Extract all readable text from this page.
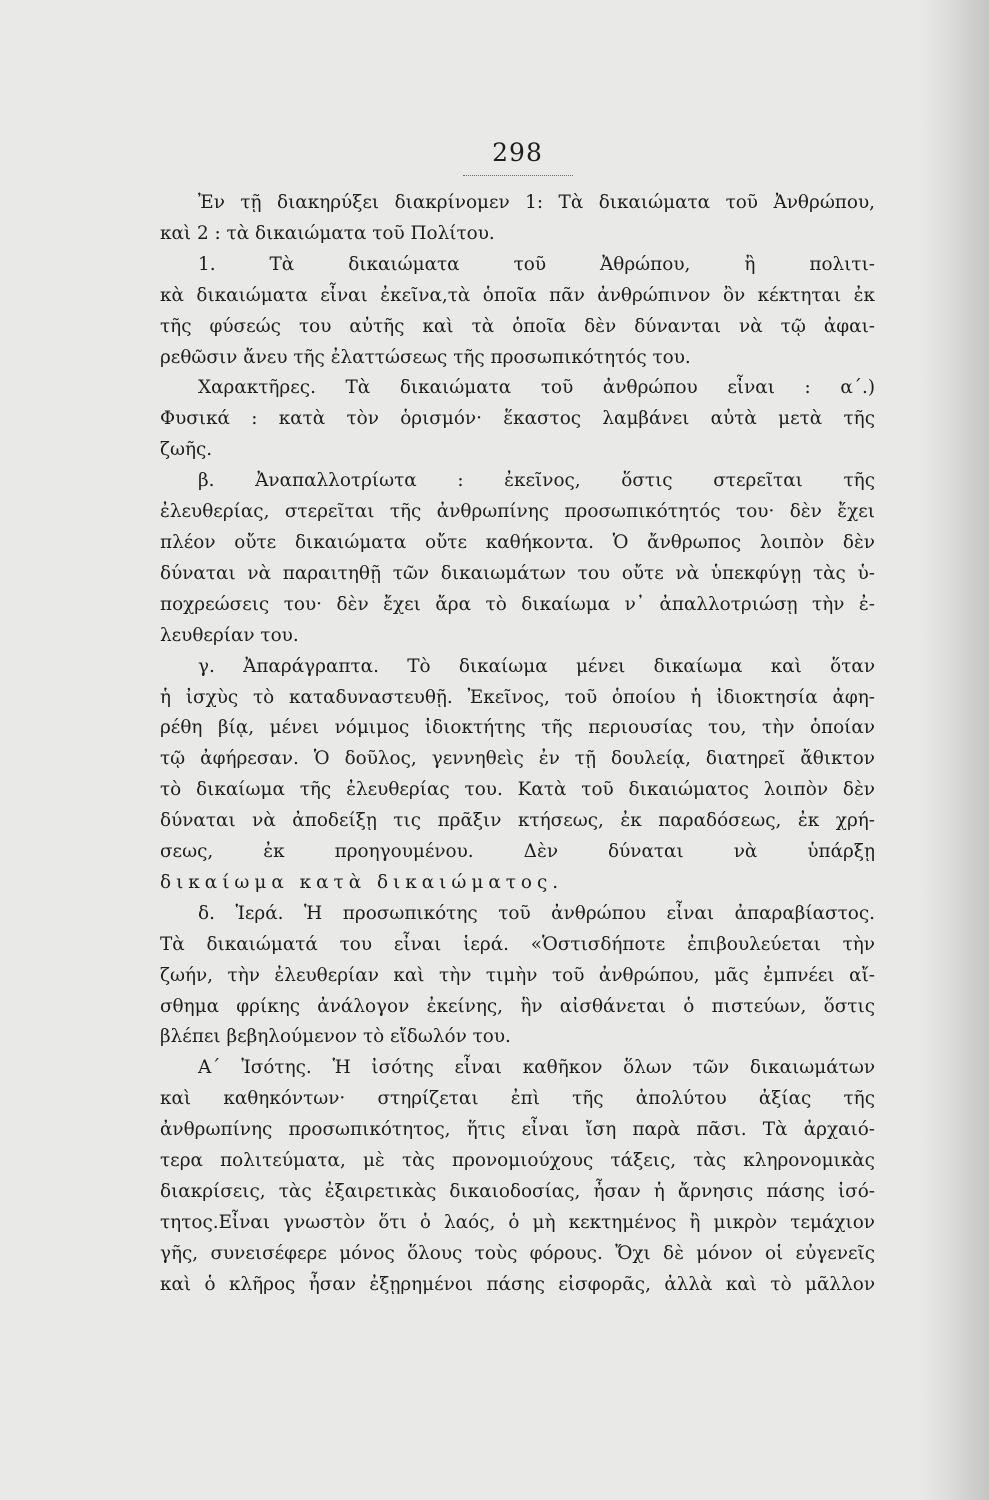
298
Ἐν τῇ διακηρύξει διακρίνομεν 1: Τὰ δικαιώματα τοῦ Ἀνθρώπου,
καὶ 2 : τὰ δικαιώματα τοῦ Πολίτου.
1. Τὰ δικαιώματα τοῦ Ἀθρώπου, ἢ πολιτι-
κὰ δικαιώματα εἶναι ἐκεῖνα,τὰ ὁποῖα πᾶν ἀνθρώπινον ὂν κέκτηται ἐκ
τῆς φύσεώς του αὐτῆς καὶ τὰ ὁποῖα δὲν δύνανται νὰ τῷ ἀφαι-
ρεθῶσιν ἄνευ τῆς ἐλαττώσεως τῆς προσωπικότητός του.
Χαρακτῆρες. Τὰ δικαιώματα τοῦ ἀνθρώπου εἶναι : α΄.)
Φυσικά : κατὰ τὸν ὁρισμόν· ἕκαστος λαμβάνει αὐτὰ μετὰ τῆς
ζωῆς.
β. Ἀναπαλλοτρίωτα : ἐκεῖνος, ὅστις στερεῖται τῆς
ἐλευθερίας, στερεῖται τῆς ἀνθρωπίνης προσωπικότητός του· δὲν ἔχει
πλέον οὔτε δικαιώματα οὔτε καθήκοντα. Ὁ ἄνθρωπος λοιπὸν δὲν
δύναται νὰ παραιτηθῇ τῶν δικαιωμάτων του οὔτε νὰ ὑπεκφύγῃ τὰς ὑ-
ποχρεώσεις του· δὲν ἔχει ἄρα τὸ δικαίωμα ν᾽ ἀπαλλοτριώσῃ τὴν ἐ-
λευθερίαν του.
γ. Ἀπαράγραπτα. Τὸ δικαίωμα μένει δικαίωμα καὶ ὅταν
ἡ ἰσχὺς τὸ καταδυναστευθῇ. Ἐκεῖνος, τοῦ ὁποίου ἡ ἰδιοκτησία ἀφη-
ρέθη βίᾳ, μένει νόμιμος ἰδιοκτήτης τῆς περιουσίας του, τὴν ὁποίαν
τῷ ἀφήρεσαν. Ὁ δοῦλος, γεννηθεὶς ἐν τῇ δουλείᾳ, διατηρεῖ ἄθικτον
τὸ δικαίωμα τῆς ἐλευθερίας του. Κατὰ τοῦ δικαιώματος λοιπὸν δὲν
δύναται νὰ ἀποδείξῃ τις πρᾶξιν κτήσεως, ἐκ παραδόσεως, ἐκ χρή-
σεως, ἐκ προηγουμένου. Δὲν δύναται νὰ ὑπάρξῃ
δικαίωμα κατὰ δικαιώματος.
δ. Ἱερά. Ἡ προσωπικότης τοῦ ἀνθρώπου εἶναι ἀπαραβίαστος.
Τὰ δικαιώματά του εἶναι ἱερά. «Ὁστισδήποτε ἐπιβουλεύεται τὴν
ζωήν, τὴν ἐλευθερίαν καὶ τὴν τιμὴν τοῦ ἀνθρώπου, μᾶς ἐμπνέει αἴ-
σθημα φρίκης ἀνάλογον ἐκείνης, ἣν αἰσθάνεται ὁ πιστεύων, ὅστις
βλέπει βεβηλούμενον τὸ εἴδωλόν του.
Α΄ Ἰσότης. Ἡ ἰσότης εἶναι καθῆκον ὅλων τῶν δικαιωμάτων
καὶ καθηκόντων· στηρίζεται ἐπὶ τῆς ἀπολύτου ἀξίας τῆς
ἀνθρωπίνης προσωπικότητος, ἥτις εἶναι ἴση παρὰ πᾶσι. Τὰ ἀρχαιό-
τερα πολιτεύματα, μὲ τὰς προνομιούχους τάξεις, τὰς κληρονομικὰς
διακρίσεις, τὰς ἐξαιρετικὰς δικαιοδοσίας, ἦσαν ἡ ἄρνησις πάσης ἰσό-
τητος.Εἶναι γνωστὸν ὅτι ὁ λαός, ὁ μὴ κεκτημένος ἢ μικρὸν τεμάχιον
γῆς, συνεισέφερε μόνος ὅλους τοὺς φόρους. Ὄχι δὲ μόνον οἱ εὐγενεῖς
καὶ ὁ κλῆρος ἦσαν ἐξῃρημένοι πάσης εἰσφορᾶς, ἀλλὰ καὶ τὸ μᾶλλον
